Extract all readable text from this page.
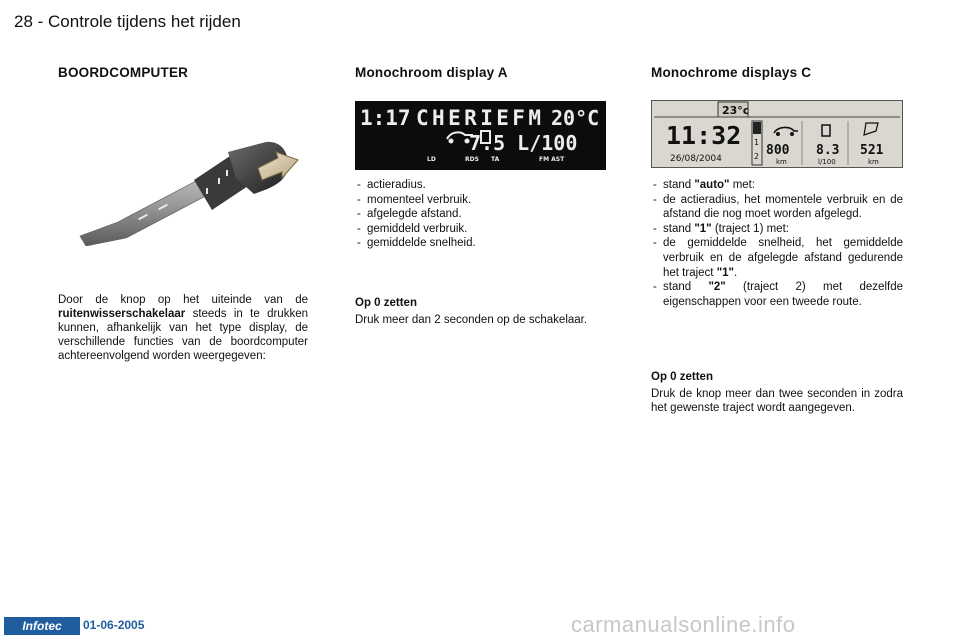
28 - Controle tijdens het rijden
BOORDCOMPUTER
Door de knop op het uiteinde van de ruitenwisserschakelaar steeds in te drukken kunnen, afhankelijk van het type display, de verschillende functies van de boordcomputer achtereenvolgend worden weergegeven:
Monochroom display A
1:17 CHERIEFM 20°C
7.5 L/100
LD	RDS TA	FM AST
- actieradius.
- momenteel verbruik.
- afgelegde afstand.
- gemiddeld verbruik.
- gemiddelde snelheid.
Op 0 zetten
Druk meer dan 2 seconden op de schakelaar.
Monochrome displays C
23°c
11:32
26/08/2004
1
2 800 8.3 521
km	l/100	km
- stand "auto" met:
- de actieradius, het momentele verbruik en de afstand die nog moet worden afgelegd.
- stand "1" (traject 1) met:
- de gemiddelde snelheid, het gemiddelde verbruik en de afgelegde afstand gedurende het traject "1".
- stand "2" (traject 2) met dezelfde eigenschappen voor een tweede route.
Op 0 zetten
Druk de knop meer dan twee seconden in zodra het gewenste traject wordt aangegeven.
Infotec	01-06-2005	carmanualsonline.info
